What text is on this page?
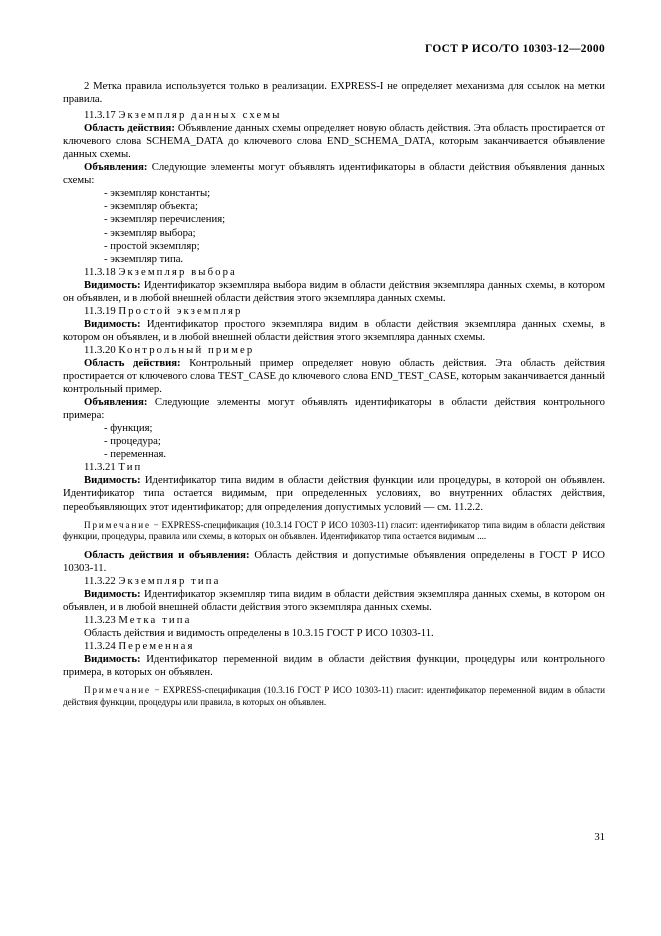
ГОСТ Р ИСО/ТО 10303-12—2000

2 Метка правила используется только в реализации. EXPRESS-I не определяет механизма для ссылок на метки правила.

11.3.17 Экземпляр данных схемы

Область действия: Объявление данных схемы определяет новую область действия. Эта область простирается от ключевого слова SCHEMA_DATA до ключевого слова END_SCHEMA_DATA, которым заканчивается объявление данных схемы.

Объявления: Следующие элементы могут объявлять идентификаторы в области действия объявления данных схемы:

- экземпляр константы;

- экземпляр объекта;

- экземпляр перечисления;

- экземпляр выбора;

- простой экземпляр;

- экземпляр типа.

11.3.18 Экземпляр выбора

Видимость: Идентификатор экземпляра выбора видим в области действия экземпляра данных схемы, в котором он объявлен, и в любой внешней области действия этого экземпляра данных схемы.

11.3.19 Простой экземпляр

Видимость: Идентификатор простого экземпляра видим в области действия экземпляра данных схемы, в котором он объявлен, и в любой внешней области действия этого экземпляра данных схемы.

11.3.20 Контрольный пример

Область действия: Контрольный пример определяет новую область действия. Эта область действия простирается от ключевого слова TEST_CASE до ключевого слова END_TEST_CASE, которым заканчивается данный контрольный пример.

Объявления: Следующие элементы могут объявлять идентификаторы в области действия контрольного примера:

- функция;

- процедура;

- переменная.

11.3.21 Тип

Видимость: Идентификатор типа видим в области действия функции или процедуры, в которой он объявлен. Идентификатор типа остается видимым, при определенных условиях, во внутренних областях действия, переобъявляющих этот идентификатор; для определения допустимых условий — см. 11.2.2.

Примечание − EXPRESS-спецификация (10.3.14 ГОСТ Р ИСО 10303-11) гласит: идентификатор типа видим в области действия функции, процедуры, правила или схемы, в которых он объявлен. Идентификатор типа остается видимым ....

Область действия и объявления: Область действия и допустимые объявления определены в ГОСТ Р ИСО 10303-11.

11.3.22 Экземпляр типа

Видимость: Идентификатор экземпляр типа видим в области действия экземпляра данных схемы, в котором он объявлен, и в любой внешней области действия этого экземпляра данных схемы.

11.3.23 Метка типа

Область действия и видимость определены в 10.3.15 ГОСТ Р ИСО 10303-11.

11.3.24 Переменная

Видимость: Идентификатор переменной видим в области действия функции, процедуры или контрольного примера, в которых он объявлен.

Примечание − EXPRESS-спецификация (10.3.16 ГОСТ Р ИСО 10303-11) гласит: идентификатор переменной видим в области действия функции, процедуры или правила, в которых он объявлен.

31
